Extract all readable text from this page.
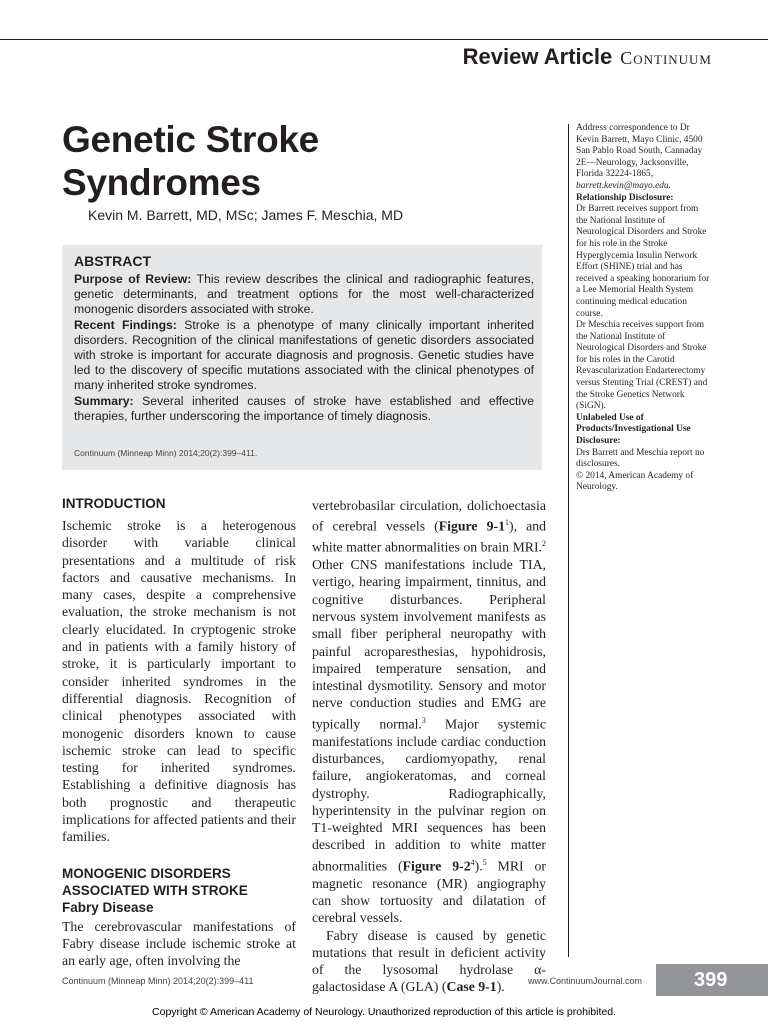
Review Article Continuum
Genetic Stroke Syndromes
Kevin M. Barrett, MD, MSc; James F. Meschia, MD
ABSTRACT

Purpose of Review: This review describes the clinical and radiographic features, genetic determinants, and treatment options for the most well-characterized monogenic disorders associated with stroke.

Recent Findings: Stroke is a phenotype of many clinically important inherited disorders. Recognition of the clinical manifestations of genetic disorders associated with stroke is important for accurate diagnosis and prognosis. Genetic studies have led to the discovery of specific mutations associated with the clinical phenotypes of many inherited stroke syndromes.

Summary: Several inherited causes of stroke have established and effective therapies, further underscoring the importance of timely diagnosis.

Continuum (Minneap Minn) 2014;20(2):399–411.

Address correspondence to Dr Kevin Barrett, Mayo Clinic, 4500 San Pablo Road South, Cannaday 2E—Neurology, Jacksonville, Florida 32224-1865,

barrett.kevin@mayo.edu.

Relationship Disclosure:

Dr Barrett receives support from the National Institute of Neurological Disorders and Stroke for his role in the Stroke Hyperglycemia Insulin Network Effort (SHINE) trial and has received a speaking honorarium for a Lee Memorial Health System continuing medical education course.

Dr Meschia receives support from the National Institute of Neurological Disorders and Stroke for his roles in the Carotid Revascularization Endarterectomy versus Stenting Trial (CREST) and the Stroke Genetics Network (SiGN).

Unlabeled Use of Products/Investigational Use Disclosure:

Drs Barrett and Meschia report no disclosures.

© 2014, American Academy of Neurology.

INTRODUCTION

Ischemic stroke is a heterogenous disorder with variable clinical presentations and a multitude of risk factors and causative mechanisms. In many cases, despite a comprehensive evaluation, the stroke mechanism is not clearly elucidated. In cryptogenic stroke and in patients with a family history of stroke, it is particularly important to consider inherited syndromes in the differential diagnosis. Recognition of clinical phenotypes associated with monogenic disorders known to cause ischemic stroke can lead to specific testing for inherited syndromes. Establishing a definitive diagnosis has both prognostic and therapeutic implications for affected patients and their families.

MONOGENIC DISORDERS ASSOCIATED WITH STROKE
Fabry Disease

The cerebrovascular manifestations of Fabry disease include ischemic stroke at an early age, often involving the

vertebrobasilar circulation, dolichoectasia of cerebral vessels (Figure $9-1^1$), and white matter abnormalities on brain MRI.$^2$ Other CNS manifestations include TIA, vertigo, hearing impairment, tinnitus, and cognitive disturbances. Peripheral nervous system involvement manifests as small fiber peripheral neuropathy with painful acroparesthesias, hypohidrosis, impaired temperature sensation, and intestinal dysmotility. Sensory and motor nerve conduction studies and EMG are typically normal.$^3$ Major systemic manifestations include cardiac conduction disturbances, cardiomyopathy, renal failure, angiokeratomas, and corneal dystrophy. Radiographically, hyperintensity in the pulvinar region on T1-weighted MRI sequences has been described in addition to white matter abnormalities (Figure $9-2^4).^5$ MRI or magnetic resonance (MR) angiography can show tortuosity and dilatation of cerebral vessels.

Fabry disease is caused by genetic mutations that result in deficient activity of the lysosomal hydrolase α-galactosidase A (GLA) (Case 9-1).

Continuum (Minneap Minn) 2014;20(2):399–411	www.ContinuumJournal.com	399
Copyright © American Academy of Neurology. Unauthorized reproduction of this article is prohibited.
